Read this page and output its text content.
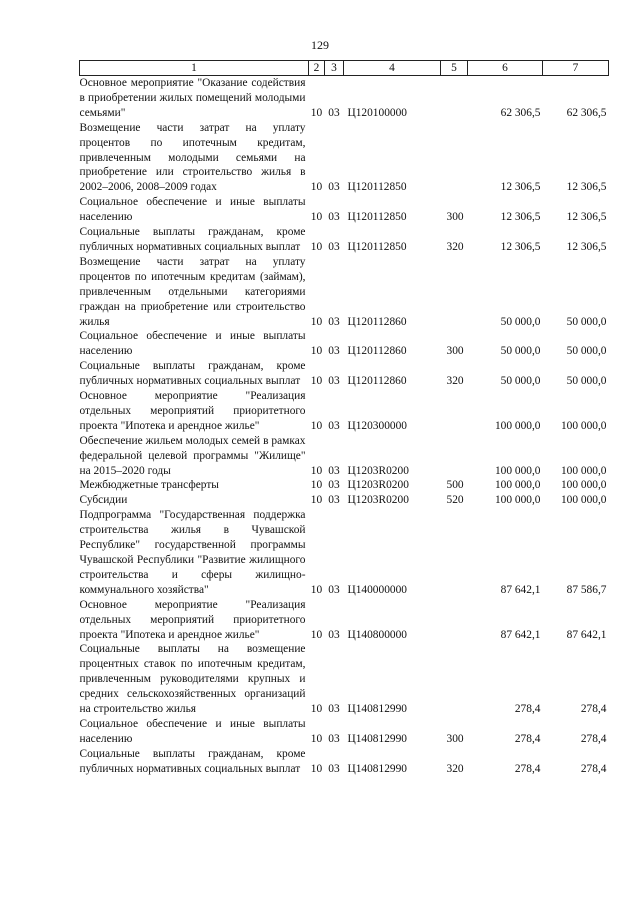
129
1	2	3	4	5	6	7
Основное мероприятие "Оказание содействия в приобретении жилых помещений молодыми семьями"	10	03	Ц120100000		62 306,5	62 306,5
Возмещение части затрат на уплату процентов по ипотечным кредитам, привлеченным молодыми семьями на приобретение или строительство жилья в 2002–2006, 2008–2009 годах	10	03	Ц120112850		12 306,5	12 306,5
Социальное обеспечение и иные выплаты населению	10	03	Ц120112850	300	12 306,5	12 306,5
Социальные выплаты гражданам, кроме публичных нормативных социальных выплат	10	03	Ц120112850	320	12 306,5	12 306,5
Возмещение части затрат на уплату процентов по ипотечным кредитам (займам), привлеченным отдельными категориями граждан на приобретение или строительство жилья	10	03	Ц120112860		50 000,0	50 000,0
Социальное обеспечение и иные выплаты населению	10	03	Ц120112860	300	50 000,0	50 000,0
Социальные выплаты гражданам, кроме публичных нормативных социальных выплат	10	03	Ц120112860	320	50 000,0	50 000,0
Основное мероприятие "Реализация отдельных мероприятий приоритетного проекта "Ипотека и арендное жилье"	10	03	Ц120300000		100 000,0	100 000,0
Обеспечение жильем молодых семей в рамках федеральной целевой программы "Жилище" на 2015–2020 годы	10	03	Ц1203R0200		100 000,0	100 000,0
Межбюджетные трансферты	10	03	Ц1203R0200	500	100 000,0	100 000,0
Субсидии	10	03	Ц1203R0200	520	100 000,0	100 000,0
Подпрограмма "Государственная поддержка строительства жилья в Чувашской Республике" государственной программы Чувашской Республики "Развитие жилищного строительства и сферы жилищно-коммунального хозяйства"	10	03	Ц140000000		87 642,1	87 586,7
Основное мероприятие "Реализация отдельных мероприятий приоритетного проекта "Ипотека и арендное жилье"	10	03	Ц140800000		87 642,1	87 642,1
Социальные выплаты на возмещение процентных ставок по ипотечным кредитам, привлеченным руководителями крупных и средних сельскохозяйственных организаций на строительство жилья	10	03	Ц140812990		278,4	278,4
Социальное обеспечение и иные выплаты населению	10	03	Ц140812990	300	278,4	278,4
Социальные выплаты гражданам, кроме публичных нормативных социальных выплат	10	03	Ц140812990	320	278,4	278,4
